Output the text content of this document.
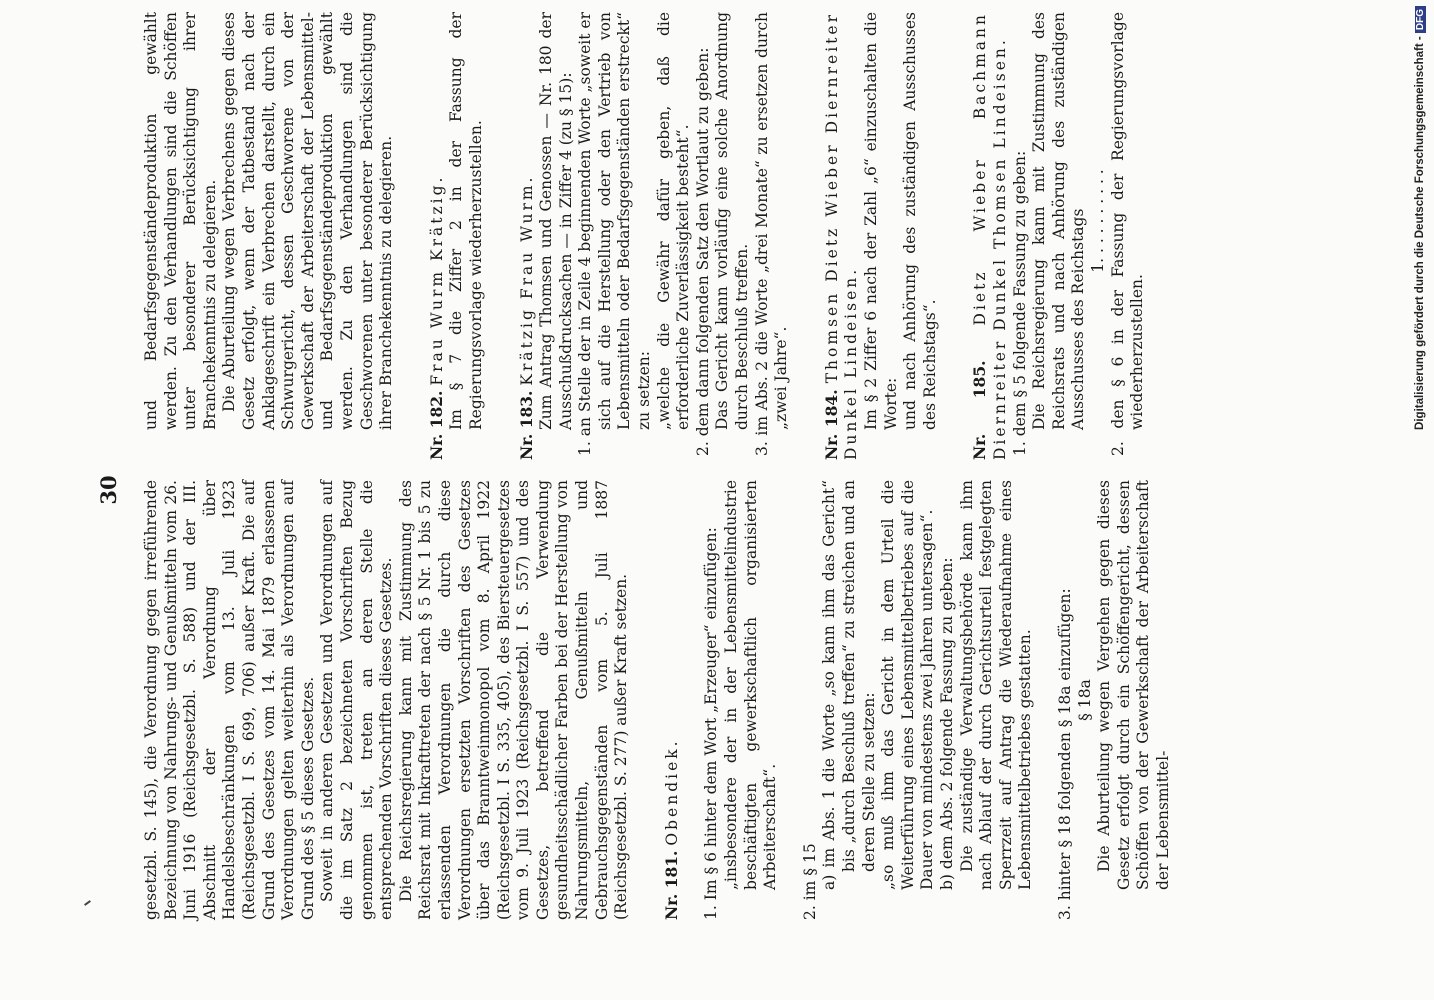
30 gesetzbl. S. 145), die Verordnung gegen irreführende Bezeichnung von Nahrungs- und Genußmitteln vom 26. Juni 1916 (Reichsgesetzbl. S. 588) und der III. Abschnitt der Verordnung über Handelsbeschränkungen vom 13. Juli 1923 (Reichsgesetzbl. I S. 699, 706) außer Kraft. Die auf Grund des Gesetzes vom 14. Mai 1879 erlassenen Verordnungen gelten weiterhin als Verordnungen auf Grund des § 5 dieses Gesetzes. Soweit in anderen Gesetzen und Verordnungen auf die im Satz 2 bezeichneten Vorschriften Bezug genommen ist, treten an deren Stelle die entsprechenden Vorschriften dieses Gesetzes. Die Reichsregierung kann mit Zustimmung des Reichsrat mit Inkrafttreten der nach § 5 Nr. 1 bis 5 zu erlassenden Verordnungen die durch diese Verordnungen ersetzten Vorschriften des Gesetzes über das Branntweinmonopol vom 8. April 1922 (Reichsgesetzbl. I S. 335, 405), des Biersteuergesetzes vom 9. Juli 1923 (Reichsgesetzbl. I S. 557) und des Gesetzes, betreffend die Verwendung gesundheitsschädlicher Farben bei der Herstellung von Nahrungsmitteln, Genußmitteln und Gebrauchsgegenständen vom 5. Juli 1887 (Reichsgesetzbl. S. 277) außer Kraft setzen. Nr. 181. Obendiek. 1. Im § 6 hinter dem Wort „Erzeuger“ einzufügen: „insbesondere der in der Lebensmittelindustrie beschäftigten gewerkschaftlich organisierten Arbeiterschaft“. 2. im § 15 a) im Abs. 1 die Worte „so kann ihm das Gericht“ bis „durch Beschluß treffen“ zu streichen und an deren Stelle zu setzen: „so muß ihm das Gericht in dem Urteil die Weiterführung eines Lebensmittelbetriebes auf die Dauer von mindestens zwei Jahren untersagen“. b) dem Abs. 2 folgende Fassung zu geben: Die zuständige Verwaltungsbehörde kann ihm nach Ablauf der durch Gerichtsurteil festgelegten Sperrzeit auf Antrag die Wiederaufnahme eines Lebensmittelbetriebes gestatten. 3. hinter § 18 folgenden § 18a einzufügen: § 18a Die Aburteilung wegen Vergehen gegen dieses Gesetz erfolgt durch ein Schöffengericht, dessen Schöffen von der Gewerkschaft der Arbeiterschaft der Lebensmittel-

und Bedarfsgegenständeproduktion gewählt werden. Zu den Verhandlungen sind die Schöffen unter besonderer Berücksichtigung ihrer Branchekenntnis zu delegieren. Die Aburteilung wegen Verbrechens gegen dieses Gesetz erfolgt, wenn der Tatbestand nach der Anklageschrift ein Verbrechen darstellt, durch ein Schwurgericht, dessen Geschworene von der Gewerkschaft der Arbeiterschaft der Lebensmittel- und Bedarfsgegenständeproduktion gewählt werden. Zu den Verhandlungen sind die Geschworenen unter besonderer Berücksichtigung ihrer Branchekenntnis zu delegieren. Nr. 182. Frau Wurm Krätzig. Im § 7 die Ziffer 2 in der Fassung der Regierungsvorlage wiederherzustellen. Nr. 183. Krätzig Frau Wurm. Zum Antrag Thomsen und Genossen — Nr. 180 der Ausschußdrucksachen — in Ziffer 4 (zu § 15): 1. an Stelle der in Zeile 4 beginnenden Worte „soweit er sich auf die Herstellung oder den Vertrieb von Lebensmitteln oder Bedarfsgegenständen erstreckt“ zu setzen: „welche die Gewähr dafür geben, daß die erforderliche Zuverlässigkeit besteht“. 2. dem dann folgenden Satz den Wortlaut zu geben: Das Gericht kann vorläufig eine solche Anordnung durch Beschluß treffen. 3. im Abs. 2 die Worte „drei Monate“ zu ersetzen durch „zwei Jahre“. Nr. 184. Thomsen Dietz Wieber Diernreiter Dunkel Lindeisen. Im § 2 Ziffer 6 nach der Zahl „6“ einzuschalten die Worte: und nach Anhörung des zuständigen Ausschusses des Reichstags“. Nr. 185. Dietz Wieber Bachmann Diernreiter Dunkel Thomsen Lindeisen. 1. dem § 5 folgende Fassung zu geben: Die Reichsregierung kann mit Zustimmung des Reichsrats und nach Anhörung des zuständigen Ausschusses des Reichstags 1. . . . . . . . . . 2. den § 6 in der Fassung der Regierungsvorlage wiederherzustellen.	Digitalisierung gefördert durch die Deutsche Forschungsgemeinschaft - DFG
